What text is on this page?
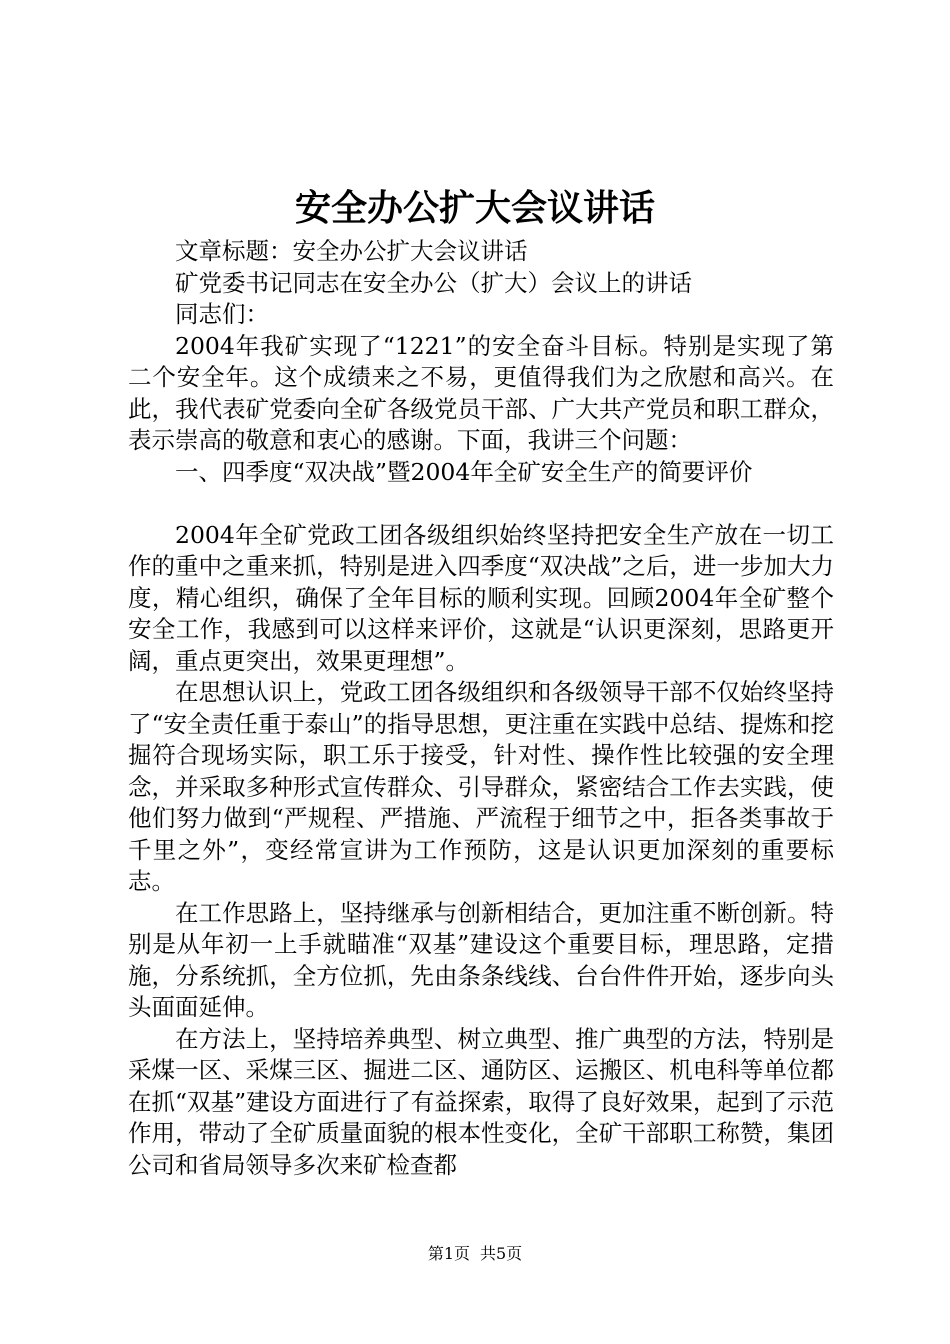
安全办公扩大会议讲话

文章标题：安全办公扩大会议讲话

矿党委书记同志在安全办公（扩大）会议上的讲话

同志们：

2004年我矿实现了“1221”的安全奋斗目标。特别是实现了第二个安全年。这个成绩来之不易，更值得我们为之欣慰和高兴。在此，我代表矿党委向全矿各级党员干部、广大共产党员和职工群众，表示崇高的敬意和衷心的感谢。下面，我讲三个问题：

一、四季度“双决战”暨2004年全矿安全生产的简要评价

2004年全矿党政工团各级组织始终坚持把安全生产放在一切工作的重中之重来抓，特别是进入四季度“双决战”之后，进一步加大力度，精心组织，确保了全年目标的顺利实现。回顾2004年全矿整个安全工作，我感到可以这样来评价，这就是“认识更深刻，思路更开阔，重点更突出，效果更理想”。

在思想认识上，党政工团各级组织和各级领导干部不仅始终坚持了“安全责任重于泰山”的指导思想，更注重在实践中总结、提炼和挖掘符合现场实际，职工乐于接受，针对性、操作性比较强的安全理念，并采取多种形式宣传群众、引导群众，紧密结合工作去实践，使他们努力做到“严规程、严措施、严流程于细节之中，拒各类事故于千里之外”，变经常宣讲为工作预防，这是认识更加深刻的重要标志。

在工作思路上，坚持继承与创新相结合，更加注重不断创新。特别是从年初一上手就瞄准“双基”建设这个重要目标，理思路，定措施，分系统抓，全方位抓，先由条条线线、台台件件开始，逐步向头头面面延伸。

在方法上，坚持培养典型、树立典型、推广典型的方法，特别是采煤一区、采煤三区、掘进二区、通防区、运搬区、机电科等单位都在抓“双基”建设方面进行了有益探索，取得了良好效果，起到了示范作用，带动了全矿质量面貌的根本性变化，全矿干部职工称赞，集团公司和省局领导多次来矿检查都

第1页 共5页
